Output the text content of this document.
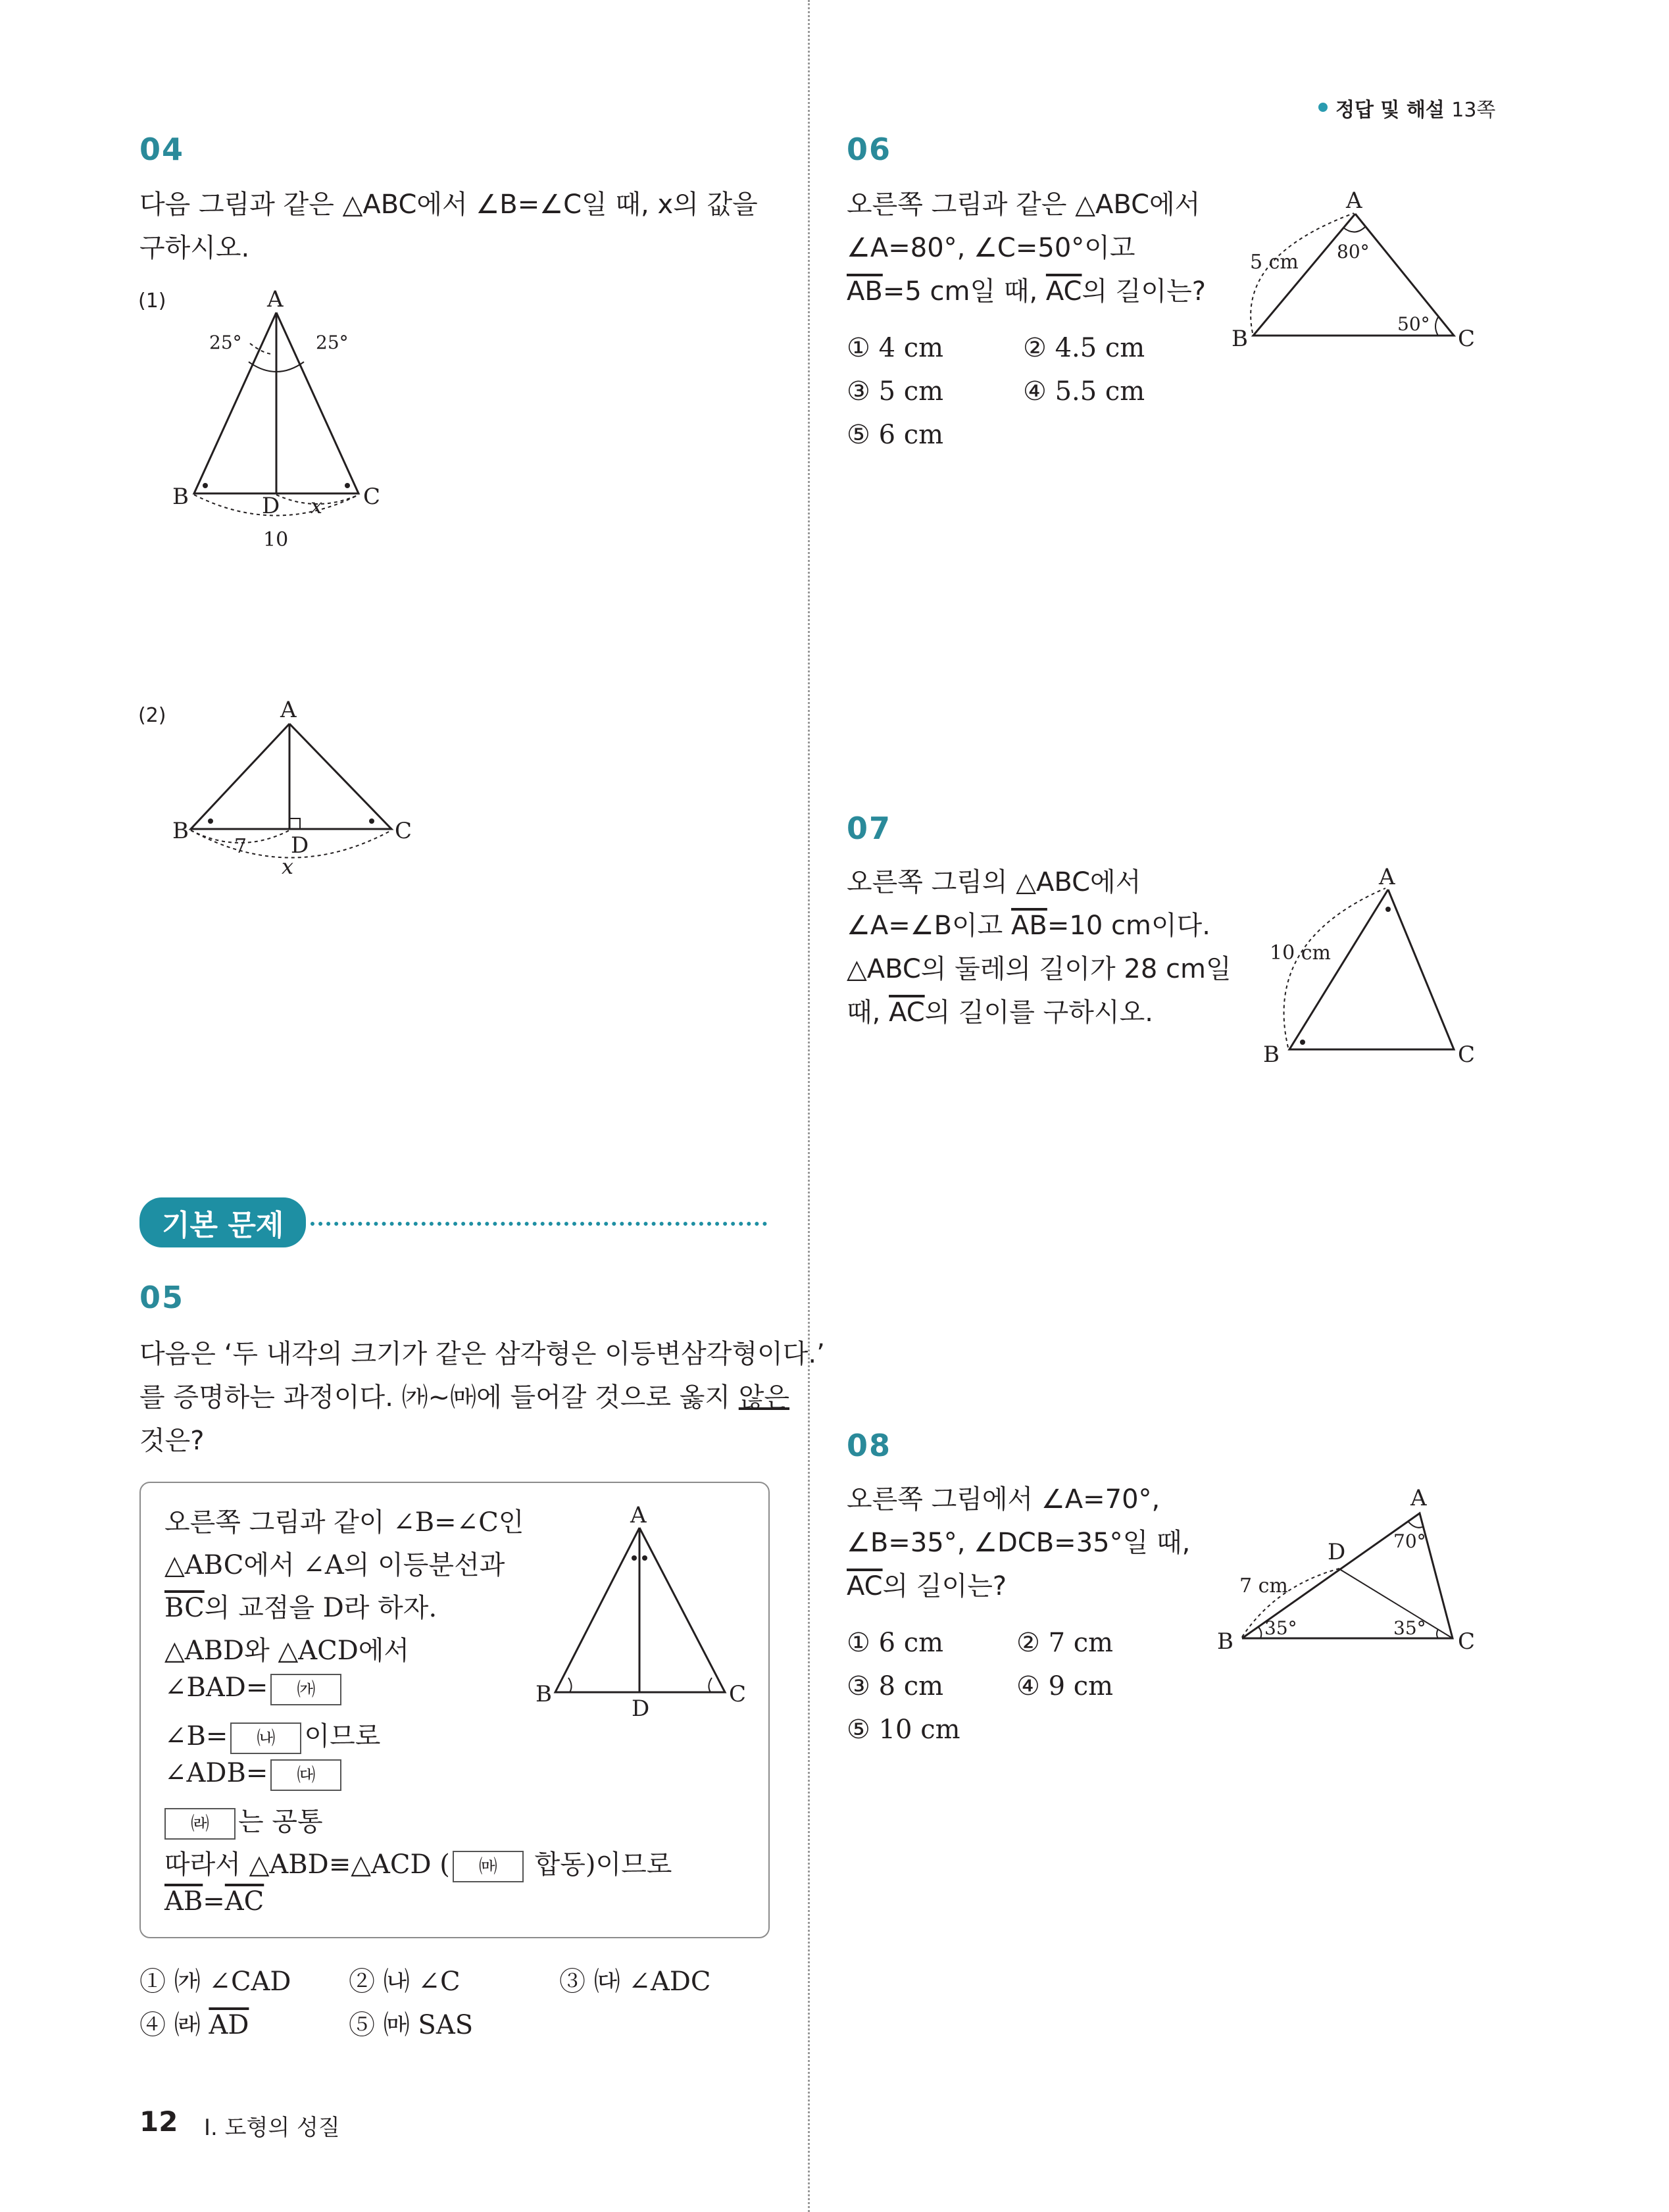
정답 및 해설 13쪽
04
다음 그림과 같은 △ABC에서 ∠B=∠C일 때, x의 값을
구하시오.
(1)	A
B	C
D
25°	25°
x
10
(2)	A
B	C
D
7
x
기본 문제
05
다음은 ‘두 내각의 크기가 같은 삼각형은 이등변삼각형이다.’
를 증명하는 과정이다. ㈎∼㈒에 들어갈 것으로 옳지 않은
것은?
오른쪽 그림과 같이 ∠B=∠C인
△ABC에서 ∠A의 이등분선과
$\overline{BC}$의 교점을 D라 하자.
△ABD와 △ACD에서
∠BAD= ㈎
∠B= ㈏ 이므로
∠ADB= ㈐
㈑ 는 공통
따라서 △ABD≡△ACD ( ㈒ 합동)이므로
$\overline{AB}=\overline{AC}$
A
B	C
D
① ㈎ ∠CAD ② ㈏ ∠C	③ ㈐ ∠ADC
④ ㈑ $\overline{AD}$	⑤ ㈒ SAS
06
오른쪽 그림과 같은 △ABC에서
∠A=80°, ∠C=50°이고
$\overline{AB}=5$ cm일 때, $\overline{AC}$의 길이는?
① 4 cm	② 4.5 cm
③ 5 cm	④ 5.5 cm
⑤ 6 cm
A
B	C
5 cm 80°
50°
07
오른쪽 그림의 △ABC에서
∠A=∠B이고 $\overline{AB}=10$ cm이다.
△ABC의 둘레의 길이가 28 cm일
때, $\overline{AC}$의 길이를 구하시오.
A
B	C
10 cm
08
오른쪽 그림에서 ∠A=70°,
∠B=35°, ∠DCB=35°일 때,
$\overline{AC}$의 길이는?
① 6 cm	② 7 cm
③ 8 cm	④ 9 cm
⑤ 10 cm
A
B	C
D
7 cm
70°
35°	35°
12 I. 도형의 성질
